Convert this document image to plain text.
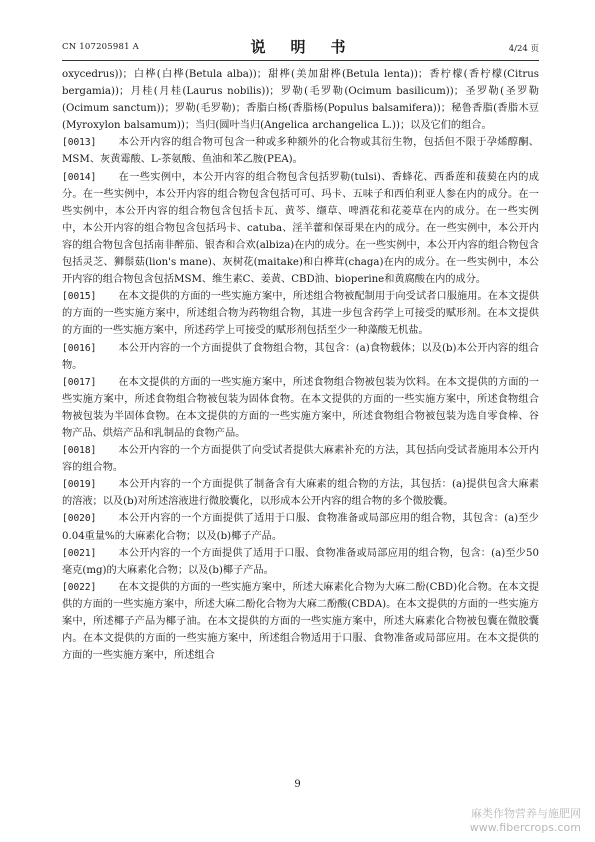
CN 107205981 A	说　明　书	4/24 页

oxycedrus))；白桦(白桦(Betula alba))；甜桦(美加甜桦(Betula lenta))；香柠檬(香柠檬(Citrus bergamia))；月桂(月桂(Laurus nobilis))；罗勒(毛罗勒(Ocimum basilicum))；圣罗勒(圣罗勒(Ocimum sanctum))；罗勒(毛罗勒)；香脂白杨(香脂杨(Populus balsamifera))；秘鲁香脂(香脂木豆(Myroxylon balsamum))；当归(圆叶当归(Angelica archangelica L.))；以及它们的组合。

[0013] 本公开内容的组合物可包含一种或多种额外的化合物或其衍生物，包括但不限于孕烯醇酮、MSM、灰黄霉酸、L-茶氨酸、鱼油和苯乙胺(PEA)。

[0014] 在一些实例中，本公开内容的组合物包含包括罗勒(tulsi)、香蜂花、西番莲和菝葜在内的成分。在一些实例中，本公开内容的组合物包含包括可可、玛卡、五味子和西伯利亚人参在内的成分。在一些实例中，本公开内容的组合物包含包括卡瓦、黄芩、缬草、啤酒花和花菱草在内的成分。在一些实例中，本公开内容的组合物包含包括玛卡、catuba、淫羊藿和保哥果在内的成分。在一些实例中，本公开内容的组合物包含包括南非醉茄、银杏和合欢(albiza)在内的成分。在一些实例中，本公开内容的组合物包含包括灵芝、狮鬃菇(lion's mane)、灰树花(maitake)和白桦茸(chaga)在内的成分。在一些实例中，本公开内容的组合物包含包括MSM、维生素C、姜黄、CBD油、bioperine和黄腐酸在内的成分。

[0015] 在本文提供的方面的一些实施方案中，所述组合物被配制用于向受试者口服施用。在本文提供的方面的一些实施方案中，所述组合物为药物组合物，其进一步包含药学上可接受的赋形剂。在本文提供的方面的一些实施方案中，所述药学上可接受的赋形剂包括至少一种藻酸无机盐。

[0016] 本公开内容的一个方面提供了食物组合物，其包含：(a)食物载体；以及(b)本公开内容的组合物。

[0017] 在本文提供的方面的一些实施方案中，所述食物组合物被包装为饮料。在本文提供的方面的一些实施方案中，所述食物组合物被包装为固体食物。在本文提供的方面的一些实施方案中，所述食物组合物被包装为半固体食物。在本文提供的方面的一些实施方案中，所述食物组合物被包装为选自零食棒、谷物产品、烘焙产品和乳制品的食物产品。

[0018] 本公开内容的一个方面提供了向受试者提供大麻素补充的方法，其包括向受试者施用本公开内容的组合物。

[0019] 本公开内容的一个方面提供了制备含有大麻素的组合物的方法，其包括：(a)提供包含大麻素的溶液；以及(b)对所述溶液进行微胶囊化，以形成本公开内容的组合物的多个微胶囊。

[0020] 本公开内容的一个方面提供了适用于口服、食物准备或局部应用的组合物，其包含：(a)至少0.04重量%的大麻素化合物；以及(b)椰子产品。

[0021] 本公开内容的一个方面提供了适用于口服、食物准备或局部应用的组合物，包含：(a)至少50毫克(mg)的大麻素化合物；以及(b)椰子产品。

[0022] 在本文提供的方面的一些实施方案中，所述大麻素化合物为大麻二酚(CBD)化合物。在本文提供的方面的一些实施方案中，所述大麻二酚化合物为大麻二酚酸(CBDA)。在本文提供的方面的一些实施方案中，所述椰子产品为椰子油。在本文提供的方面的一些实施方案中，所述大麻素化合物被包囊在微胶囊内。在本文提供的方面的一些实施方案中，所述组合物适用于口服、食物准备或局部应用。在本文提供的方面的一些实施方案中，所述组合

9
麻类作物营养与施肥网
www.fibercrops.com
